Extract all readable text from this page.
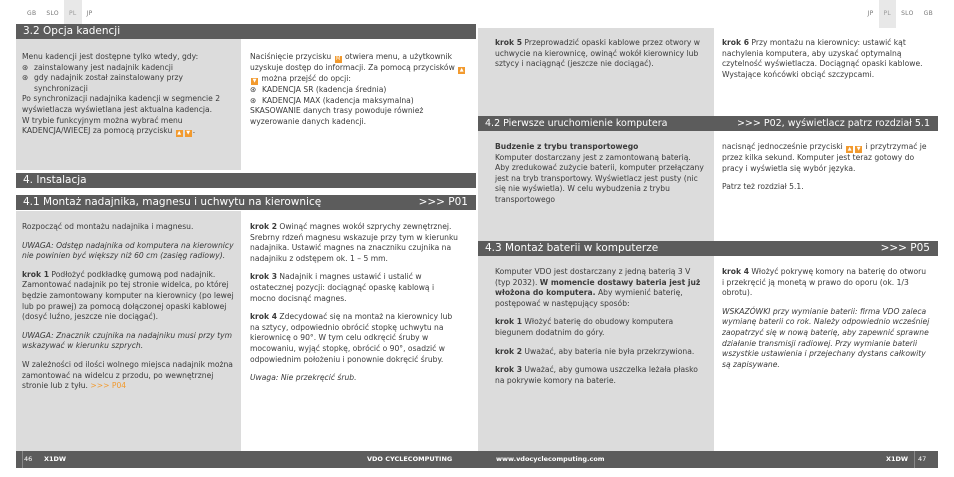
GB	SLO	PL	JP	JP	PL	SLO	GB
3.2 Opcja kadencji
Menu kadencji jest dostępne tylko wtedy, gdy:
⊛ zainstalowany jest nadajnik kadencji
⊛ gdy nadajnik został zainstalowany przy
synchronizacji
Po synchronizacji nadajnika kadencji w segmencie 2 wyświetlacza wyświetlana jest aktualna kadencja.
W trybie funkcyjnym można wybrać menu KADENCJA/WIECEJ za pomocą przycisku ▲ ▼ .
Naciśnięcie przycisku M otwiera menu, a użytkownik uzyskuje dostęp do informacji. Za pomocą przycisków ▲▼ można przejść do opcji:
⊛ KADENCJA SR (kadencja średnia)
⊛ KADENCJA MAX (kadencja maksymalna)
SKASOWANIE danych trasy powoduje również wyzerowanie danych kadencji.
4. Instalacja
4.1 Montaż nadajnika, magnesu i uchwytu na kierownicę	>>> P01

Rozpocząć od montażu nadajnika i magnesu.

UWAGA: Odstęp nadajnika od komputera na kierownicy nie powinien być większy niż 60 cm (zasięg radiowy).

krok 1 Podłożyć podkładkę gumową pod nadajnik. Zamontować nadajnik po tej stronie widelca, po której będzie zamontowany komputer na kierownicy (po lewej lub po prawej) za pomocą dołączonej opaski kablowej (dosyć luźno, jeszcze nie dociągać).

UWAGA: Znacznik czujnika na nadajniku musi przy tym wskazywać w kierunku szprych.

W zależności od ilości wolnego miejsca nadajnik można zamontować na widelcu z przodu, po wewnętrznej stronie lub z tyłu. >>> P04

krok 2 Owinąć magnes wokół szprychy zewnętrznej. Srebrny rdzeń magnesu wskazuje przy tym w kierunku nadajnika. Ustawić magnes na znaczniku czujnika na nadajniku z odstępem ok. 1 – 5 mm.

krok 3 Nadajnik i magnes ustawić i ustalić w ostatecznej pozycji: dociągnąć opaskę kablową i mocno docisnąć magnes.

krok 4 Zdecydować się na montaż na kierownicy lub na sztycy, odpowiednio obrócić stopkę uchwytu na kierownicę o 90°. W tym celu odkręcić śruby w mocowaniu, wyjąć stopkę, obrócić o 90°, osadzić w odpowiednim położeniu i ponownie dokręcić śruby.

Uwaga: Nie przekręcić śrub.

krok 5 Przeprowadzić opaski kablowe przez otwory w uchwycie na kierownicę, owinąć wokół kierownicy lub sztycy i naciągnąć (jeszcze nie dociągać).

krok 6 Przy montażu na kierownicy: ustawić kąt nachylenia komputera, aby uzyskać optymalną czytelność wyświetlacza. Dociągnąć opaski kablowe. Wystające końcówki obciąć szczypcami.

4.2 Pierwsze uruchomienie komputera	>>> P02, wyświetlacz patrz rozdział 5.1
Budzenie z trybu transportowego
Komputer dostarczany jest z zamontowaną baterią. Aby zredukować zużycie baterii, komputer przełączany jest na tryb transportowy. Wyświetlacz jest pusty (nic się nie wyświetla). W celu wybudzenia z trybu transportowego

nacisnąć jednocześnie przyciski ▲ ▼ i przytrzymać je przez kilka sekund. Komputer jest teraz gotowy do pracy i wyświetla się wybór języka.

Patrz też rozdział 5.1.

4.3 Montaż baterii w komputerze	>>> P05

Komputer VDO jest dostarczany z jedną baterią 3 V (typ 2032). W momencie dostawy bateria jest już włożona do komputera. Aby wymienić baterię, postępować w następujący sposób:

krok 1 Włożyć baterię do obudowy komputera biegunem dodatnim do góry.

krok 2 Uważać, aby bateria nie była przekrzywiona.

krok 3 Uważać, aby gumowa uszczelka leżała płasko na pokrywie komory na baterie.

krok 4 Włożyć pokrywę komory na baterię do otworu i przekręcić ją monetą w prawo do oporu (ok. 1/3 obrotu).

WSKAZÓWKI przy wymianie baterii: firma VDO zaleca wymianę baterii co rok. Należy odpowiednio wcześniej zaopatrzyć się w nową baterię, aby zapewnić sprawne działanie transmisji radiowej. Przy wymianie baterii wszystkie ustawienia i przejechany dystans całkowity są zapisywane.

46 X1DW	VDO CYCLECOMPUTING	www.vdocyclecomputing.com	X1DW 47
